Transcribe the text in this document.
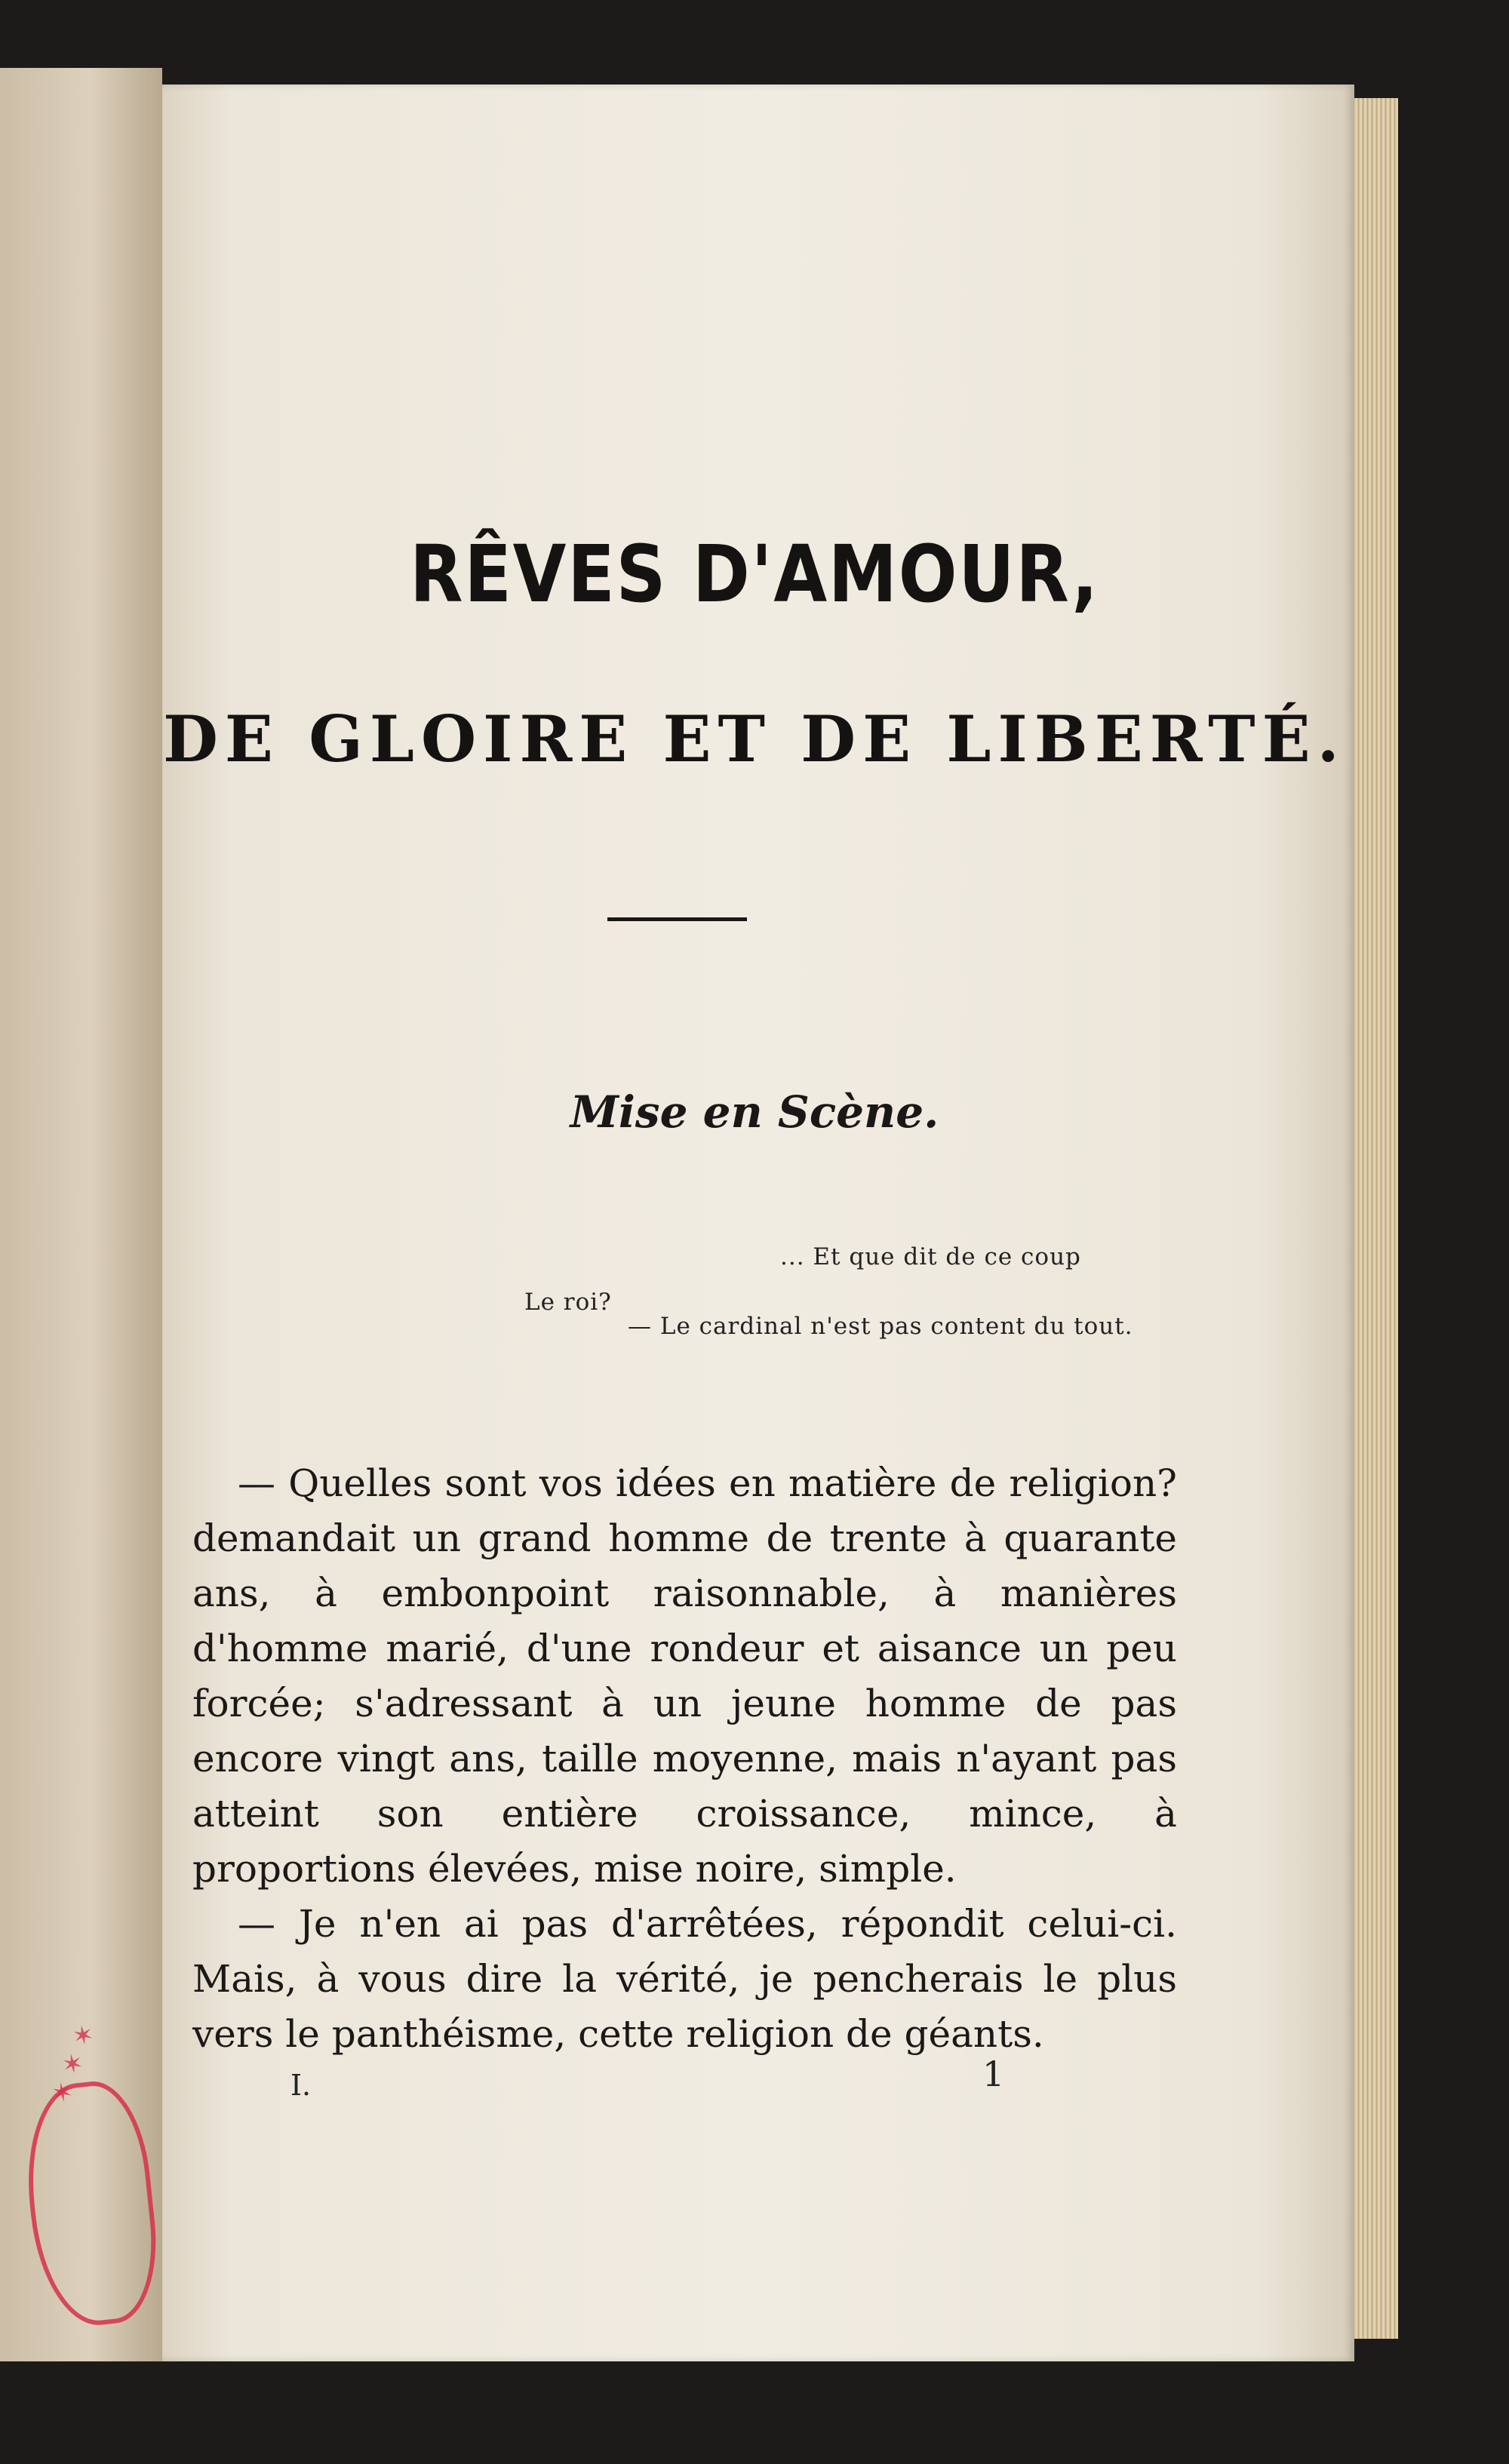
✶ ✶ ✶
RÊVES D'AMOUR,
DE GLOIRE ET DE LIBERTÉ.
Mise en Scène.
... Et que dit de ce coup
Le roi?
— Le cardinal n'est pas content du tout.

— Quelles sont vos idées en matière de religion? demandait un grand homme de trente à quarante ans, à embonpoint raisonnable, à manières d'homme marié, d'une rondeur et aisance un peu forcée; s'adressant à un jeune homme de pas encore vingt ans, taille moyenne, mais n'ayant pas atteint son entière croissance, mince, à proportions élevées, mise noire, simple.

— Je n'en ai pas d'arrêtées, répondit celui-ci. Mais, à vous dire la vérité, je pencherais le plus vers le panthéisme, cette religion de géants.

I.	1
